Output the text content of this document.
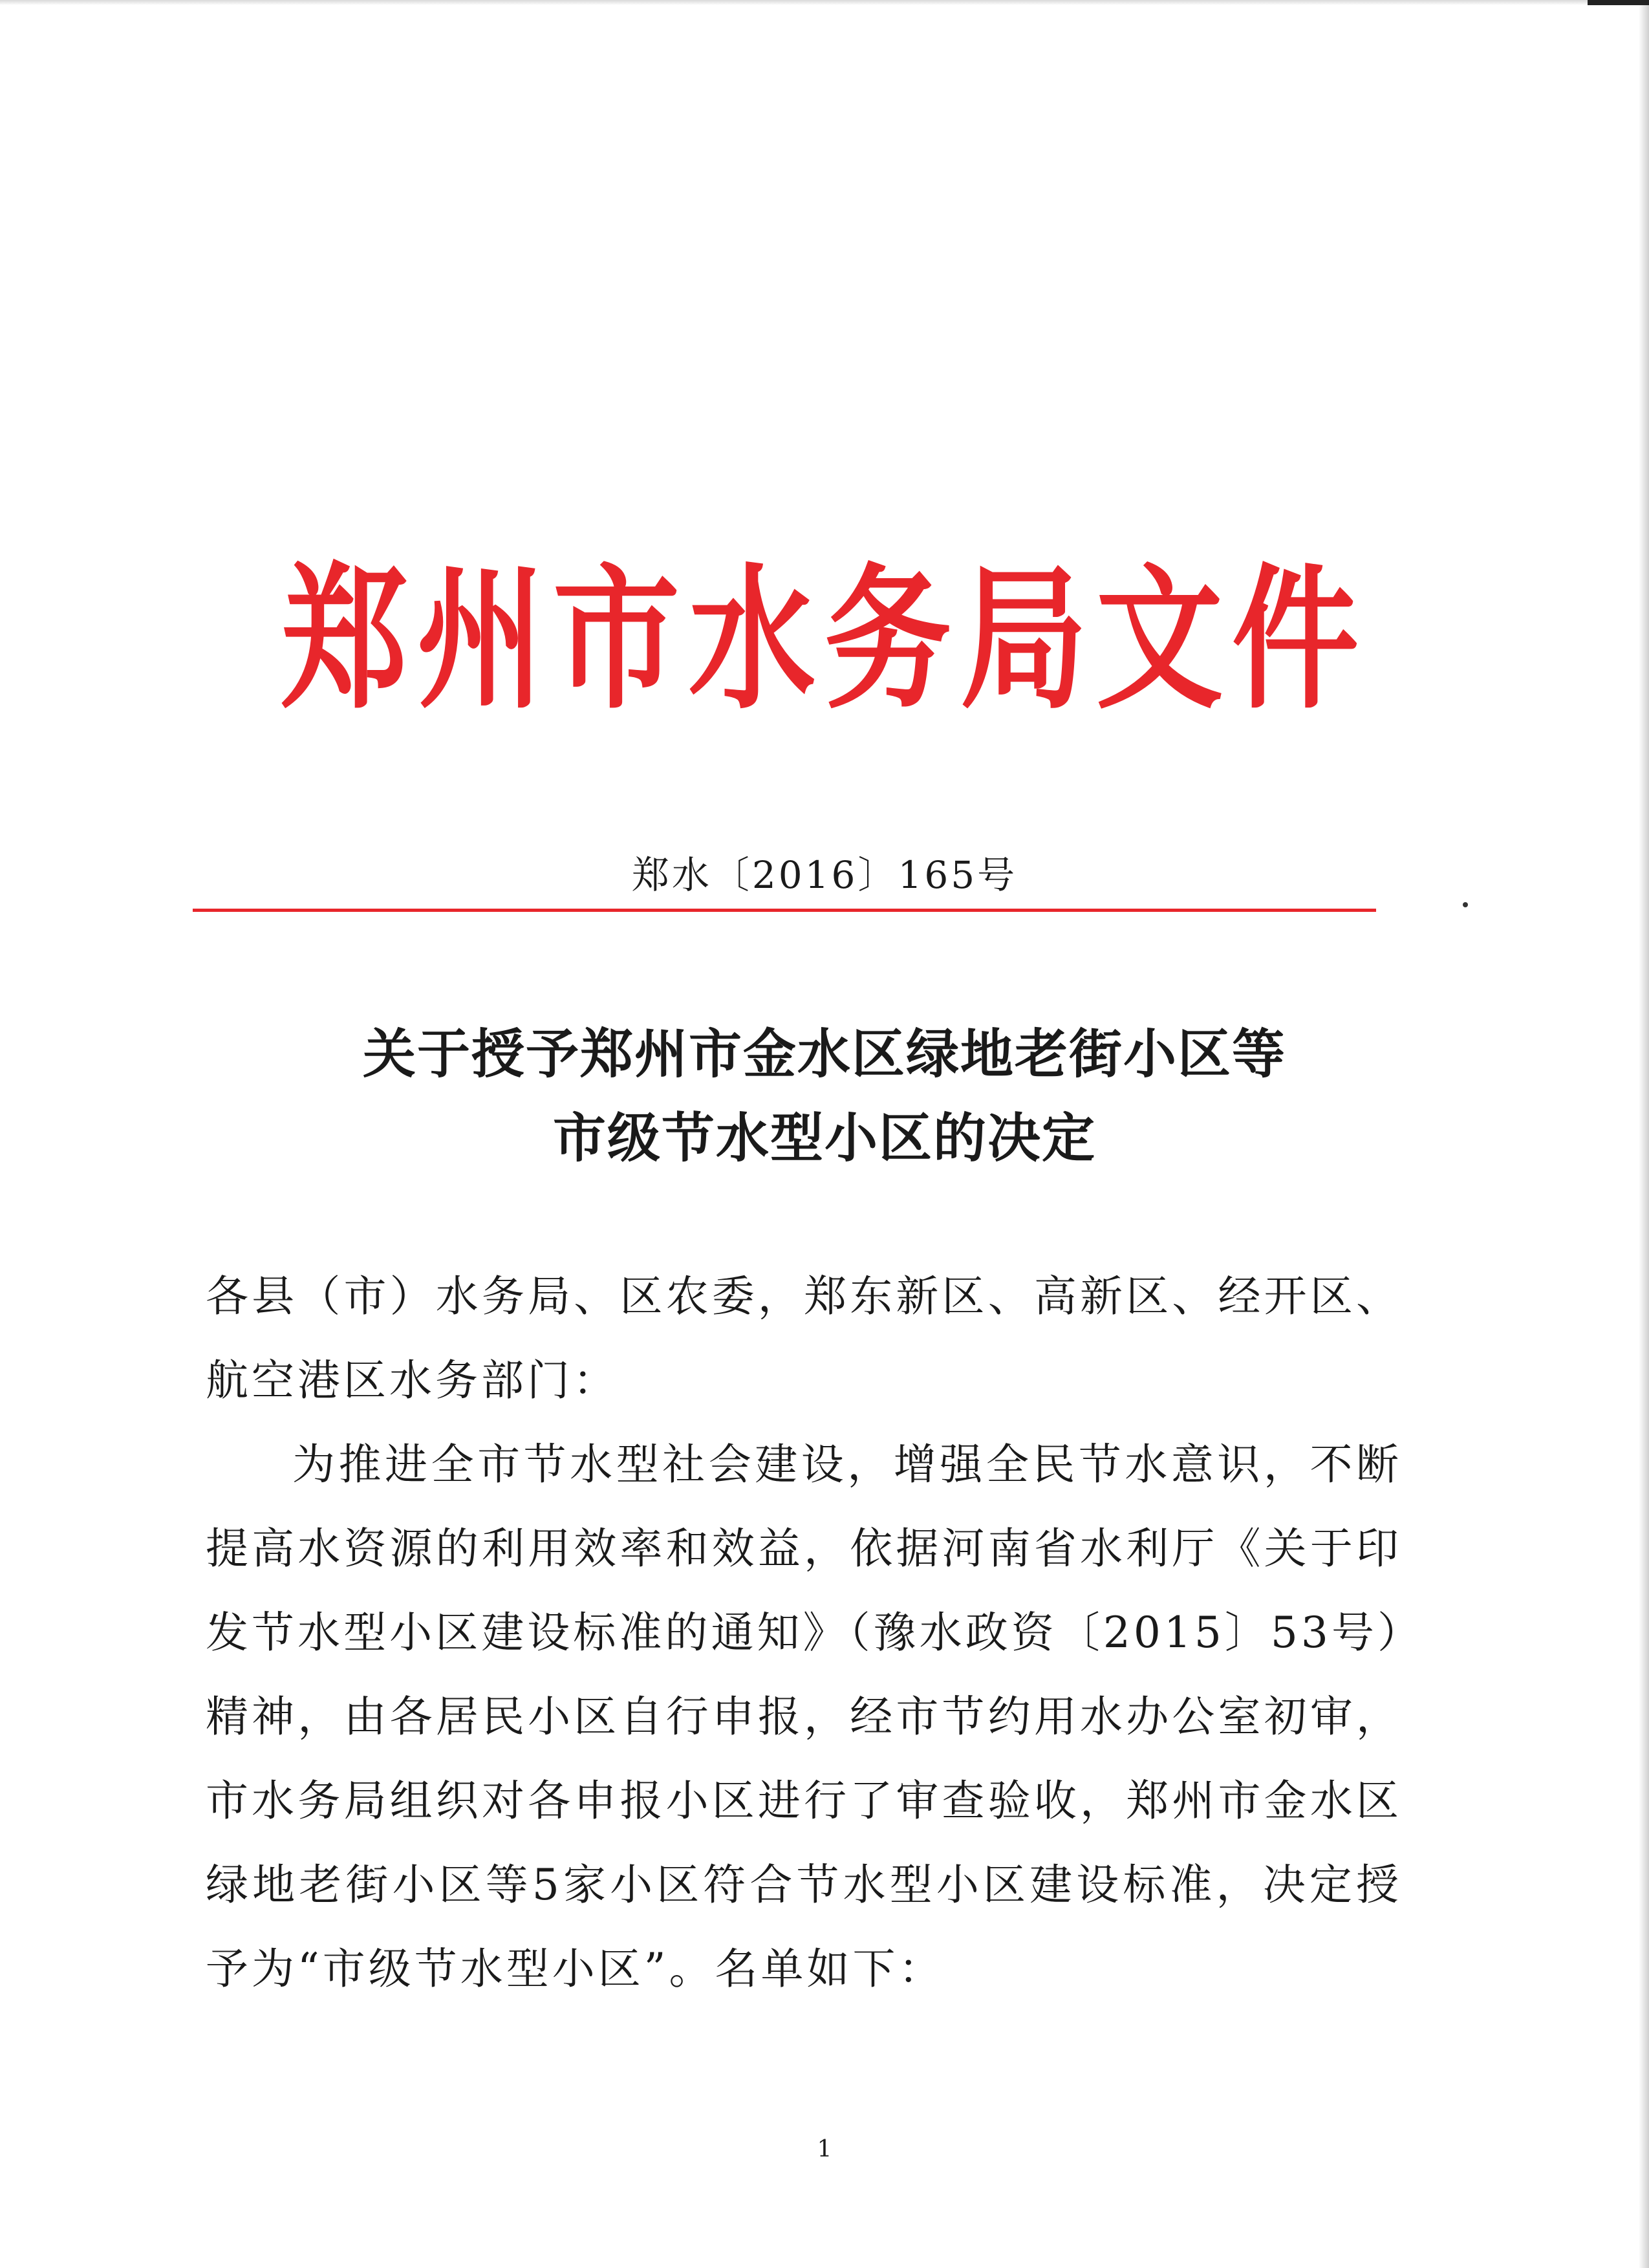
郑州市水务局文件
郑水〔2016〕165号
关于授予郑州市金水区绿地老街小区等
市级节水型小区的决定

各县（市）水务局、区农委，郑东新区、高新区、经开区、航空港区水务部门：

为推进全市节水型社会建设，增强全民节水意识，不断提高水资源的利用效率和效益，依据河南省水利厅《关于印发节水型小区建设标准的通知》（豫水政资〔2015〕53号）精神，由各居民小区自行申报，经市节约用水办公室初审，市水务局组织对各申报小区进行了审查验收，郑州市金水区绿地老街小区等5家小区符合节水型小区建设标准，决定授予为“市级节水型小区”。名单如下：

1
